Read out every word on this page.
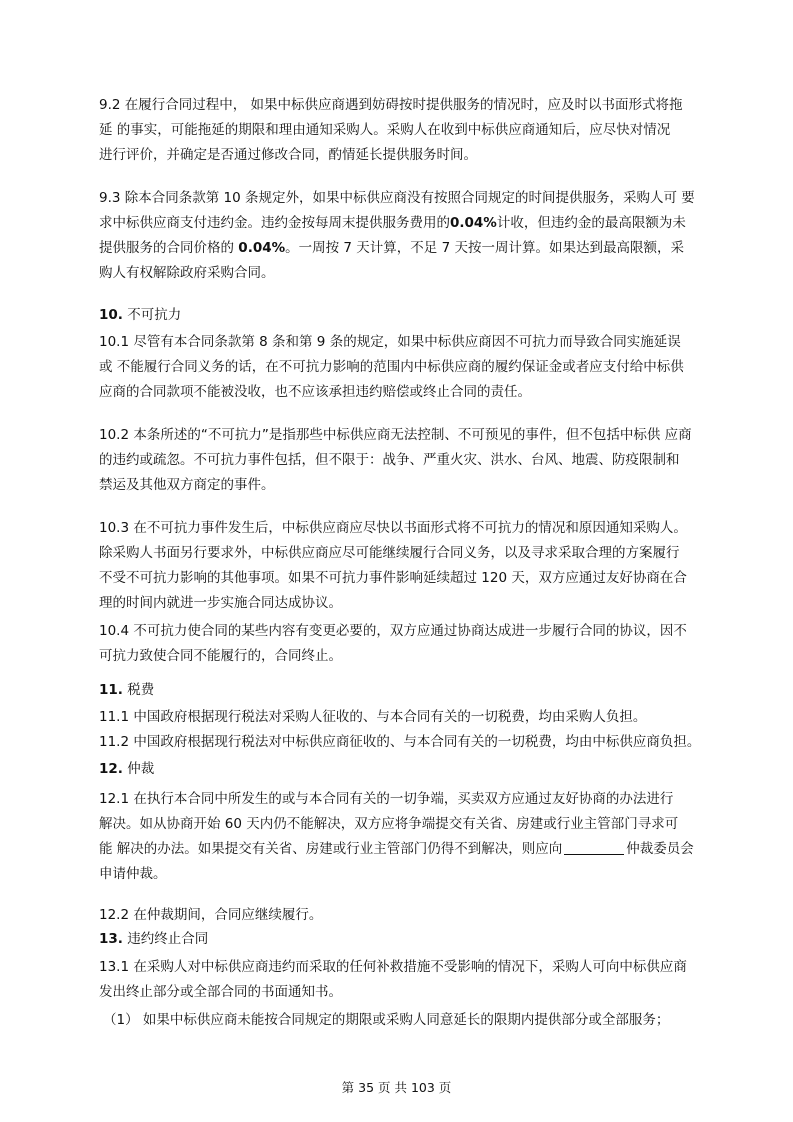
9.2 在履行合同过程中， 如果中标供应商遇到妨碍按时提供服务的情况时，应及时以书面形式将拖
延 的事实，可能拖延的期限和理由通知采购人。采购人在收到中标供应商通知后，应尽快对情况
进行评价，并确定是否通过修改合同，酌情延长提供服务时间。
9.3 除本合同条款第 10 条规定外，如果中标供应商没有按照合同规定的时间提供服务，采购人可 要
求中标供应商支付违约金。违约金按每周末提供服务费用的0.04%计收，但违约金的最高限额为未
提供服务的合同价格的 0.04%。一周按 7 天计算，不足 7 天按一周计算。如果达到最高限额，采
购人有权解除政府采购合同。
10. 不可抗力
10.1 尽管有本合同条款第 8 条和第 9 条的规定，如果中标供应商因不可抗力而导致合同实施延误
或 不能履行合同义务的话，在不可抗力影响的范围内中标供应商的履约保证金或者应支付给中标供
应商的合同款项不能被没收，也不应该承担违约赔偿或终止合同的责任。
10.2 本条所述的“不可抗力”是指那些中标供应商无法控制、不可预见的事件，但不包括中标供 应商
的违约或疏忽。不可抗力事件包括，但不限于：战争、严重火灾、洪水、台风、地震、防疫限制和
禁运及其他双方商定的事件。
10.3 在不可抗力事件发生后，中标供应商应尽快以书面形式将不可抗力的情况和原因通知采购人。
除采购人书面另行要求外，中标供应商应尽可能继续履行合同义务，以及寻求采取合理的方案履行
不受不可抗力影响的其他事项。如果不可抗力事件影响延续超过 120 天，双方应通过友好协商在合
理的时间内就进一步实施合同达成协议。
10.4 不可抗力使合同的某些内容有变更必要的，双方应通过协商达成进一步履行合同的协议，因不
可抗力致使合同不能履行的，合同终止。
11. 税费
11.1 中国政府根据现行税法对采购人征收的、与本合同有关的一切税费，均由采购人负担。
11.2 中国政府根据现行税法对中标供应商征收的、与本合同有关的一切税费，均由中标供应商负担。
12. 仲裁
12.1 在执行本合同中所发生的或与本合同有关的一切争端，买卖双方应通过友好协商的办法进行
解决。如从协商开始 60 天内仍不能解决，双方应将争端提交有关省、房建或行业主管部门寻求可
能 解决的办法。如果提交有关省、房建或行业主管部门仍得不到解决，则应向	仲裁委员会
申请仲裁。
12.2 在仲裁期间，合同应继续履行。
13. 违约终止合同
13.1 在采购人对中标供应商违约而采取的任何补救措施不受影响的情况下，采购人可向中标供应商
发出终止部分或全部合同的书面通知书。
（1） 如果中标供应商未能按合同规定的期限或采购人同意延长的限期内提供部分或全部服务；
第 35 页 共 103 页
